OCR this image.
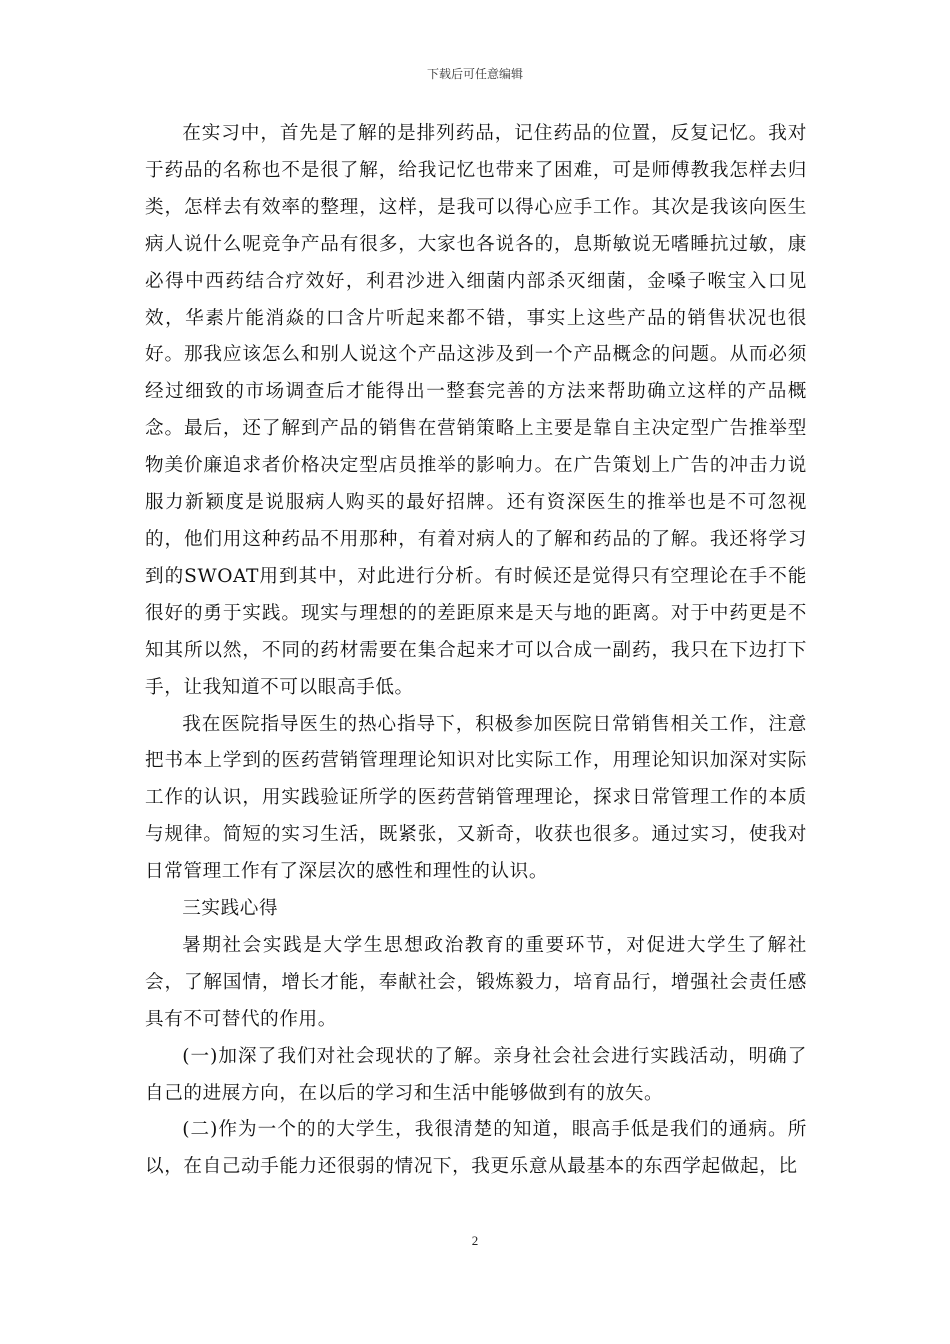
下载后可任意编辑

在实习中，首先是了解的是排列药品，记住药品的位置，反复记忆。我对于药品的名称也不是很了解，给我记忆也带来了困难，可是师傅教我怎样去归类，怎样去有效率的整理，这样，是我可以得心应手工作。其次是我该向医生病人说什么呢竞争产品有很多，大家也各说各的，息斯敏说无嗜睡抗过敏，康必得中西药结合疗效好，利君沙进入细菌内部杀灭细菌，金嗓子喉宝入口见效，华素片能消焱的口含片听起来都不错，事实上这些产品的销售状况也很好。那我应该怎么和别人说这个产品这涉及到一个产品概念的问题。从而必须经过细致的市场调查后才能得出一整套完善的方法来帮助确立这样的产品概念。最后，还了解到产品的销售在营销策略上主要是靠自主决定型广告推举型物美价廉追求者价格决定型店员推举的影响力。在广告策划上广告的冲击力说服力新颖度是说服病人购买的最好招牌。还有资深医生的推举也是不可忽视的，他们用这种药品不用那种，有着对病人的了解和药品的了解。我还将学习到的SWOAT用到其中，对此进行分析。有时候还是觉得只有空理论在手不能很好的勇于实践。现实与理想的的差距原来是天与地的距离。对于中药更是不知其所以然，不同的药材需要在集合起来才可以合成一副药，我只在下边打下手，让我知道不可以眼高手低。

我在医院指导医生的热心指导下，积极参加医院日常销售相关工作，注意把书本上学到的医药营销管理理论知识对比实际工作，用理论知识加深对实际工作的认识，用实践验证所学的医药营销管理理论，探求日常管理工作的本质与规律。简短的实习生活，既紧张，又新奇，收获也很多。通过实习，使我对日常管理工作有了深层次的感性和理性的认识。

三实践心得

暑期社会实践是大学生思想政治教育的重要环节，对促进大学生了解社会，了解国情，增长才能，奉献社会，锻炼毅力，培育品行，增强社会责任感具有不可替代的作用。

(一)加深了我们对社会现状的了解。亲身社会社会进行实践活动，明确了自己的进展方向，在以后的学习和生活中能够做到有的放矢。

(二)作为一个的的大学生，我很清楚的知道，眼高手低是我们的通病。所以，在自己动手能力还很弱的情况下，我更乐意从最基本的东西学起做起，比

2
